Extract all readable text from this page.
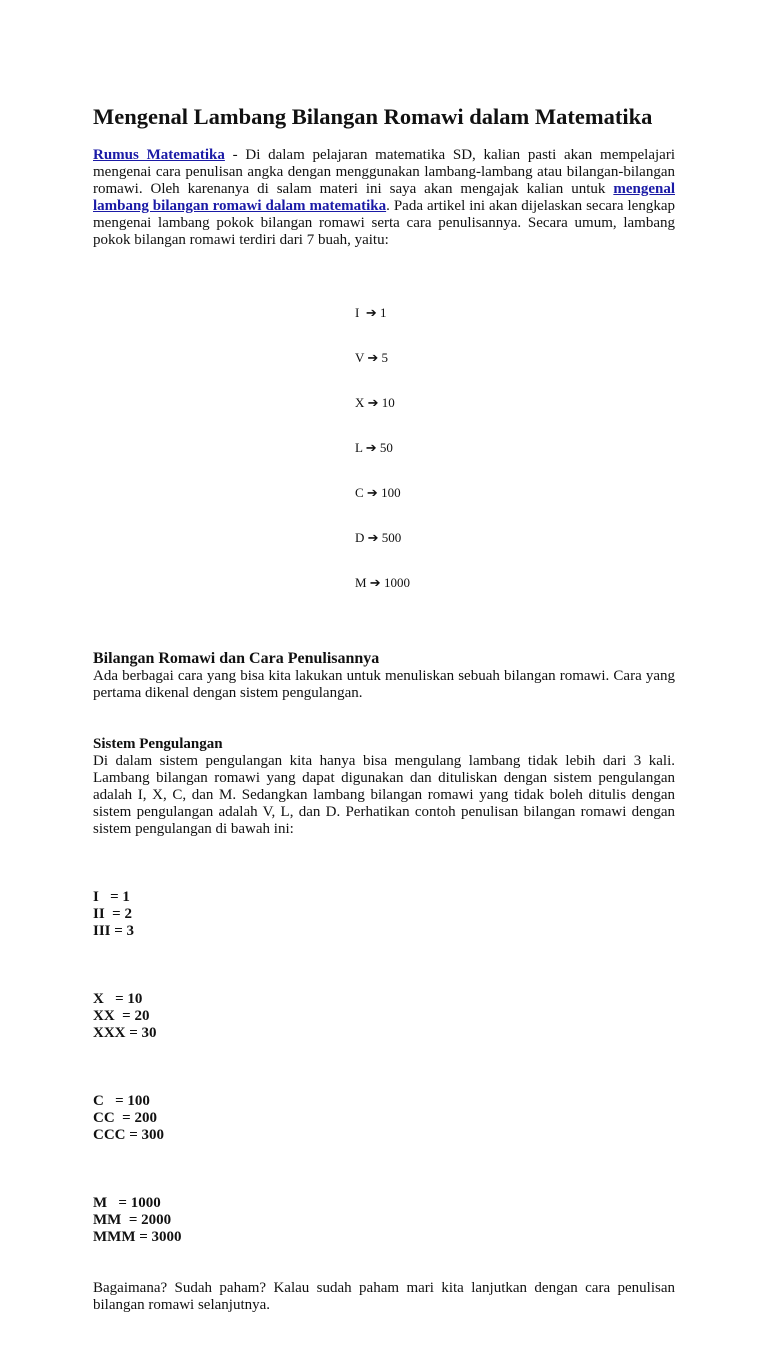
Mengenal Lambang Bilangan Romawi dalam Matematika
Rumus Matematika - Di dalam pelajaran matematika SD, kalian pasti akan mempelajari mengenai cara penulisan angka dengan menggunakan lambang-lambang atau bilangan-bilangan romawi. Oleh karenanya di salam materi ini saya akan mengajak kalian untuk mengenal lambang bilangan romawi dalam matematika. Pada artikel ini akan dijelaskan secara lengkap mengenai lambang pokok bilangan romawi serta cara penulisannya. Secara umum, lambang pokok bilangan romawi terdiri dari 7 buah, yaitu:

I  ➔ 1

V ➔ 5

X ➔ 10

L ➔ 50

C ➔ 100

D ➔ 500

M ➔ 1000

Bilangan Romawi dan Cara Penulisannya
Ada berbagai cara yang bisa kita lakukan untuk menuliskan sebuah bilangan romawi. Cara yang pertama dikenal dengan sistem pengulangan.
Sistem Pengulangan
Di dalam sistem pengulangan kita hanya bisa mengulang lambang tidak lebih dari 3 kali. Lambang bilangan romawi yang dapat digunakan dan dituliskan dengan sistem pengulangan adalah I, X, C, dan M. Sedangkan lambang bilangan romawi yang tidak boleh ditulis dengan sistem pengulangan adalah V, L, dan D. Perhatikan contoh penulisan bilangan romawi dengan sistem pengulangan di bawah ini:

I   = 1
II  = 2
III = 3

X   = 10
XX  = 20
XXX = 30

C   = 100
CC  = 200
CCC = 300

M   = 1000
MM  = 2000
MMM = 3000

Bagaimana? Sudah paham? Kalau sudah paham mari kita lanjutkan dengan cara penulisan bilangan romawi selanjutnya.
